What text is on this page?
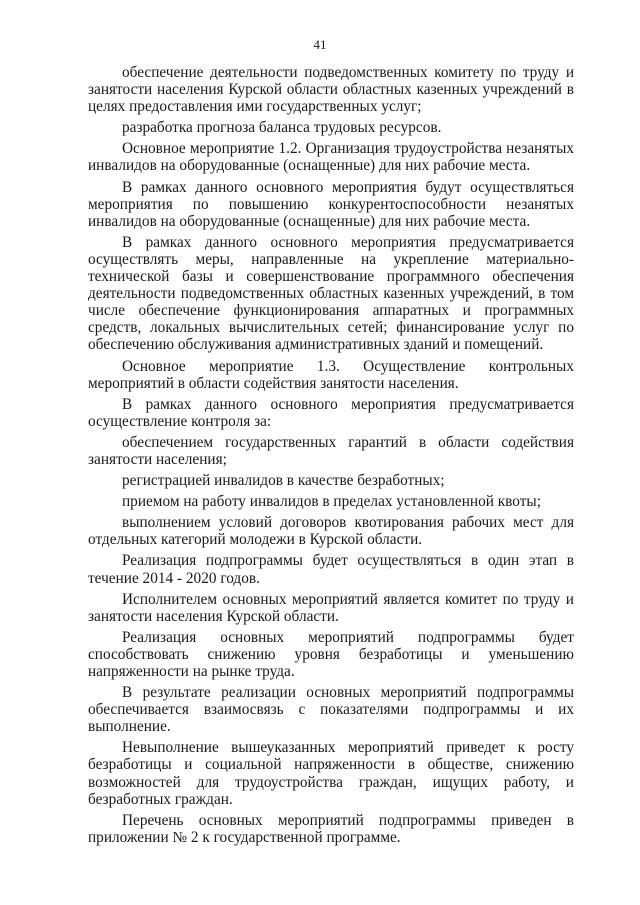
41

обеспечение деятельности подведомственных комитету по труду и занятости населения Курской области областных казенных учреждений в целях предоставления ими государственных услуг;

разработка прогноза баланса трудовых ресурсов.

Основное мероприятие 1.2. Организация трудоустройства незанятых инвалидов на оборудованные (оснащенные) для них рабочие места.

В рамках данного основного мероприятия будут осуществляться мероприятия по повышению конкурентоспособности незанятых инвалидов на оборудованные (оснащенные) для них рабочие места.

В рамках данного основного мероприятия предусматривается осуществлять меры, направленные на укрепление материально-технической базы и совершенствование программного обеспечения деятельности подведомственных областных казенных учреждений, в том числе обеспечение функционирования аппаратных и программных средств, локальных вычислительных сетей; финансирование услуг по обеспечению обслуживания административных зданий и помещений.

Основное мероприятие 1.3. Осуществление контрольных мероприятий в области содействия занятости населения.

В рамках данного основного мероприятия предусматривается осуществление контроля за:

обеспечением государственных гарантий в области содействия занятости населения;

регистрацией инвалидов в качестве безработных;

приемом на работу инвалидов в пределах установленной квоты;

выполнением условий договоров квотирования рабочих мест для отдельных категорий молодежи в Курской области.

Реализация подпрограммы будет осуществляться в один этап в течение 2014 - 2020 годов.

Исполнителем основных мероприятий является комитет по труду и занятости населения Курской области.

Реализация основных мероприятий подпрограммы будет способствовать снижению уровня безработицы и уменьшению напряженности на рынке труда.

В результате реализации основных мероприятий подпрограммы обеспечивается взаимосвязь с показателями подпрограммы и их выполнение.

Невыполнение вышеуказанных мероприятий приведет к росту безработицы и социальной напряженности в обществе, снижению возможностей для трудоустройства граждан, ищущих работу, и безработных граждан.

Перечень основных мероприятий подпрограммы приведен в приложении № 2 к государственной программе.
